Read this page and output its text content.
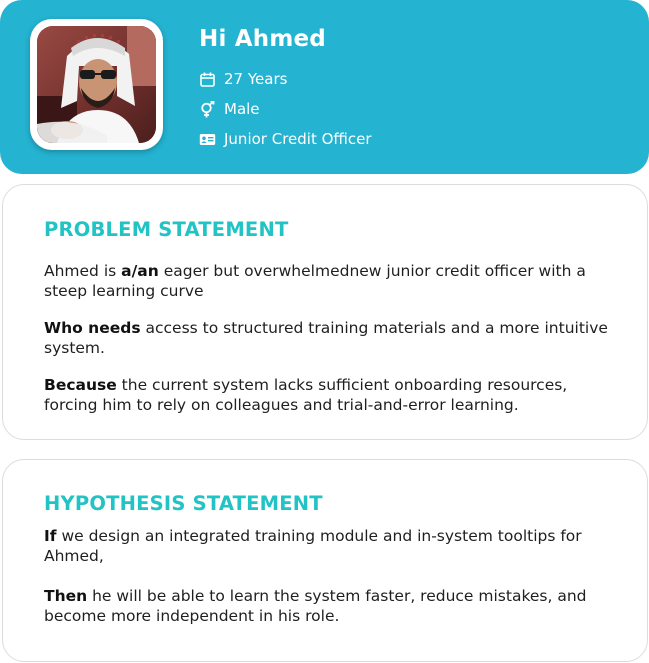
Hi Ahmed
27 Years
Male
Junior Credit Officer
PROBLEM STATEMENT
Ahmed is a/an eager but overwhelmednew junior credit officer with a steep learning curve
Who needs access to structured training materials and a more intuitive system.
Because the current system lacks sufficient onboarding resources, forcing him to rely on colleagues and trial-and-error learning.
HYPOTHESIS STATEMENT
If we design an integrated training module and in-system tooltips for Ahmed,
Then he will be able to learn the system faster, reduce mistakes, and become more independent in his role.
